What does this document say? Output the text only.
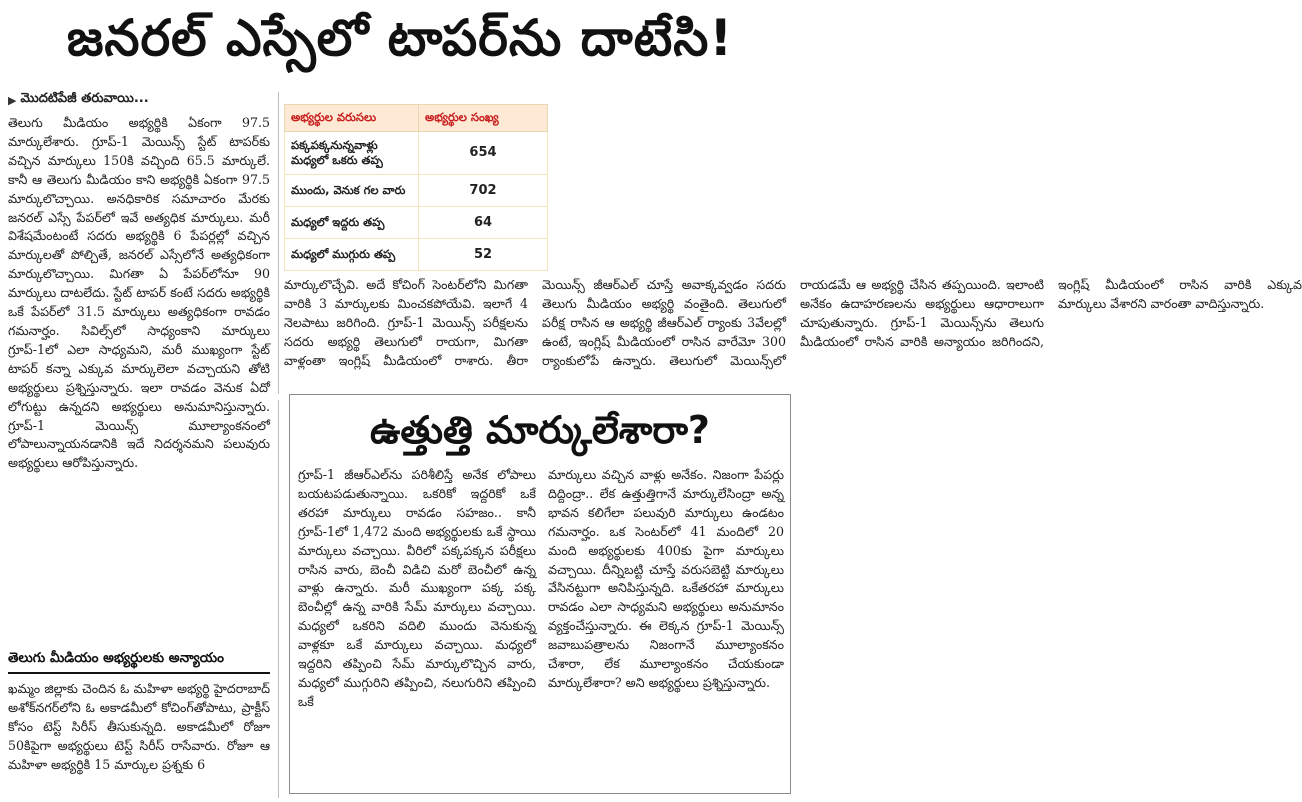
జనరల్ ఎస్సేలో టాపర్‌ను దాటేసి!
▶ మొదటిపేజీ తరువాయి...

తెలుగు మీడియం అభ్యర్థికి ఏకంగా 97.5 మార్కులేశారు. గ్రూప్‌-1 మెయిన్స్‌ స్టేట్‌ టాపర్‌కు వచ్చిన మార్కులు 150కి వచ్చింది 65.5 మార్కులే. కానీ ఆ తెలుగు మీడియం కాని అభ్యర్థికి ఏకంగా 97.5 మార్కులొచ్చాయి. అనధికారిక సమాచారం మేరకు జనరల్‌ ఎస్సే పేపర్‌లో ఇవే అత్యధిక మార్కులు. మరీ విశేషమేంటంటే సదరు అభ్యర్థికి 6 పేపర్లల్లో వచ్చిన మార్కులతో పోల్చితే, జనరల్‌ ఎస్సేలోనే అత్యధికంగా మార్కులొచ్చాయి. మిగతా ఏ పేపర్‌లోనూ 90 మార్కులు దాటలేదు. స్టేట్‌ టాపర్‌ కంటే సదరు అభ్యర్థికి ఒకే పేపర్‌లో 31.5 మార్కులు అత్యధికంగా రావడం గమనార్హం. సివిల్స్‌లో సాధ్యంకాని మార్కులు గ్రూప్‌-1లో ఎలా సాధ్యమని, మరీ ముఖ్యంగా స్టేట్‌ టాపర్‌ కన్నా ఎక్కువ మార్కులెలా వచ్చాయని తోటి అభ్యర్థులు ప్రశ్నిస్తున్నారు. ఇలా రావడం వెనుక ఏదో లోగుట్టు ఉన్నదని అభ్యర్థులు అనుమానిస్తున్నారు. గ్రూప్‌-1 మెయిన్స్‌ మూల్యాంకనంలో లోపాలున్నాయనడానికి ఇదే నిదర్శనమని పలువురు అభ్యర్థులు ఆరోపిస్తున్నారు.

తెలుగు మీడియం అభ్యర్థులకు అన్యాయం

ఖమ్మం జిల్లాకు చెందిన ఓ మహిళా అభ్యర్థి హైదరాబాద్‌ అశోక్‌నగర్‌లోని ఓ అకాడమీలో కోచింగ్‌తోపాటు, ప్రాక్టీస్‌ కోసం టెస్ట్‌ సిరీస్‌ తీసుకున్నది. అకాడమీలో రోజూ 50కిపైగా అభ్యర్థులు టెస్ట్‌ సిరీస్‌ రాసేవారు. రోజూ ఆ మహిళా అభ్యర్థికి 15 మార్కుల ప్రశ్నకు 6

అభ్యర్థుల వరుసలు	అభ్యర్థుల సంఖ్య
పక్కపక్కనున్నవాళ్లు మధ్యలో ఒకరు తప్ప	654
ముందు, వెనుక గల వారు	702
మధ్యలో ఇద్దరు తప్ప	64
మధ్యలో ముగ్గురు తప్ప	52

మార్కులొచ్చేవి. అదే కోచింగ్‌ సెంటర్‌లోని మిగతా వారికి 3 మార్కులకు మించకపోయేవి. ఇలాగే 4 నెలపాటు జరిగింది. గ్రూప్‌-1 మెయిన్స్‌ పరీక్షలను సదరు అభ్యర్థి తెలుగులో రాయగా, మిగతా వాళ్లంతా ఇంగ్లిష్‌ మీడియంలో రాశారు. తీరా మెయిన్స్‌ జీఆర్‌ఎల్‌ చూస్తే అవాక్కవ్వడం సదరు తెలుగు మీడియం అభ్యర్థి వంతైంది. తెలుగులో పరీక్ష రాసిన ఆ అభ్యర్థి జీఆర్‌ఎల్‌ ర్యాంకు 3వేలల్లో ఉంటే, ఇంగ్లిష్‌ మీడియంలో రాసిన వారేమో 300 ర్యాంకులోపే ఉన్నారు. తెలుగులో మెయిన్స్‌లో రాయడమే ఆ అభ్యర్థి చేసిన తప్పయింది. ఇలాంటి అనేకం ఉదాహరణలను అభ్యర్థులు ఆధారాలుగా చూపుతున్నారు. గ్రూప్‌-1 మెయిన్స్‌ను తెలుగు మీడియంలో రాసిన వారికి అన్యాయం జరిగిందని, ఇంగ్లిష్‌ మీడియంలో రాసిన వారికి ఎక్కువ మార్కులు వేశారని వారంతా వాదిస్తున్నారు.

ఉత్తుత్తి మార్కులేశారా?

గ్రూప్‌-1 జీఆర్‌ఎల్‌ను పరిశీలిస్తే అనేక లోపాలు బయటపడుతున్నాయి. ఒకరికో ఇద్దరికో ఒకే తరహా మార్కులు రావడం సహజం.. కానీ గ్రూప్‌-1లో 1,472 మంది అభ్యర్థులకు ఒకే స్థాయి మార్కులు వచ్చాయి. వీరిలో పక్కపక్కన పరీక్షలు రాసిన వారు, బెంచీ విడిచి మరో బెంచీలో ఉన్న వాళ్లు ఉన్నారు. మరీ ముఖ్యంగా పక్క పక్క బెంచీల్లో ఉన్న వారికి సేమ్‌ మార్కులు వచ్చాయి. మధ్యలో ఒకరిని వదిలి ముందు వెనుకున్న వాళ్లకూ ఒకే మార్కులు వచ్చాయి. మధ్యలో ఇద్దరిని తప్పించి సేమ్‌ మార్కులొచ్చిన వారు, మధ్యలో ముగ్గురిని తప్పించి, నలుగురిని తప్పించి ఒకే

మార్కులు వచ్చిన వాళ్లు అనేకం. నిజంగా పేపర్లు దిద్దింద్రా.. లేక ఉత్తుత్తిగానే మార్కులేసింద్రా అన్న భావన కలిగేలా పలువురి మార్కులు ఉండటం గమనార్హం. ఒక సెంటర్‌లో 41 మందిలో 20 మంది అభ్యర్థులకు 400కు పైగా మార్కులు వచ్చాయి. దీన్నిబట్టి చూస్తే వరుసబెట్టి మార్కులు వేసినట్టుగా అనిపిస్తున్నది. ఒకేతరహా మార్కులు రావడం ఎలా సాధ్యమని అభ్యర్థులు అనుమానం వ్యక్తంచేస్తున్నారు. ఈ లెక్కన గ్రూప్‌-1 మెయిన్స్‌ జవాబుపత్రాలను నిజంగానే మూల్యాంకనం చేశారా, లేక మూల్యాంకనం చేయకుండా మార్కులేశారా? అని అభ్యర్థులు ప్రశ్నిస్తున్నారు.
